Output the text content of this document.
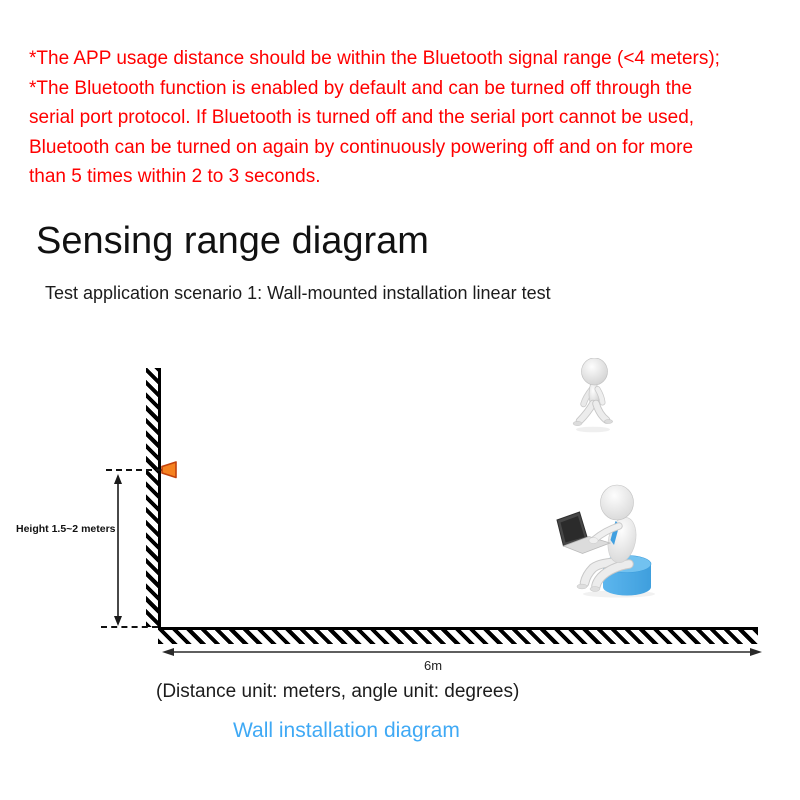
*The APP usage distance should be within the Bluetooth signal range (<4 meters);
*The Bluetooth function is enabled by default and can be turned off through the
serial port protocol. If Bluetooth is turned off and the serial port cannot be used,
Bluetooth can be turned on again by continuously powering off and on for more
than 5 times within 2 to 3 seconds.
Sensing range diagram
Test application scenario 1: Wall-mounted installation linear test
Height 1.5~2 meters
6m
(Distance unit: meters, angle unit: degrees)
Wall installation diagram
